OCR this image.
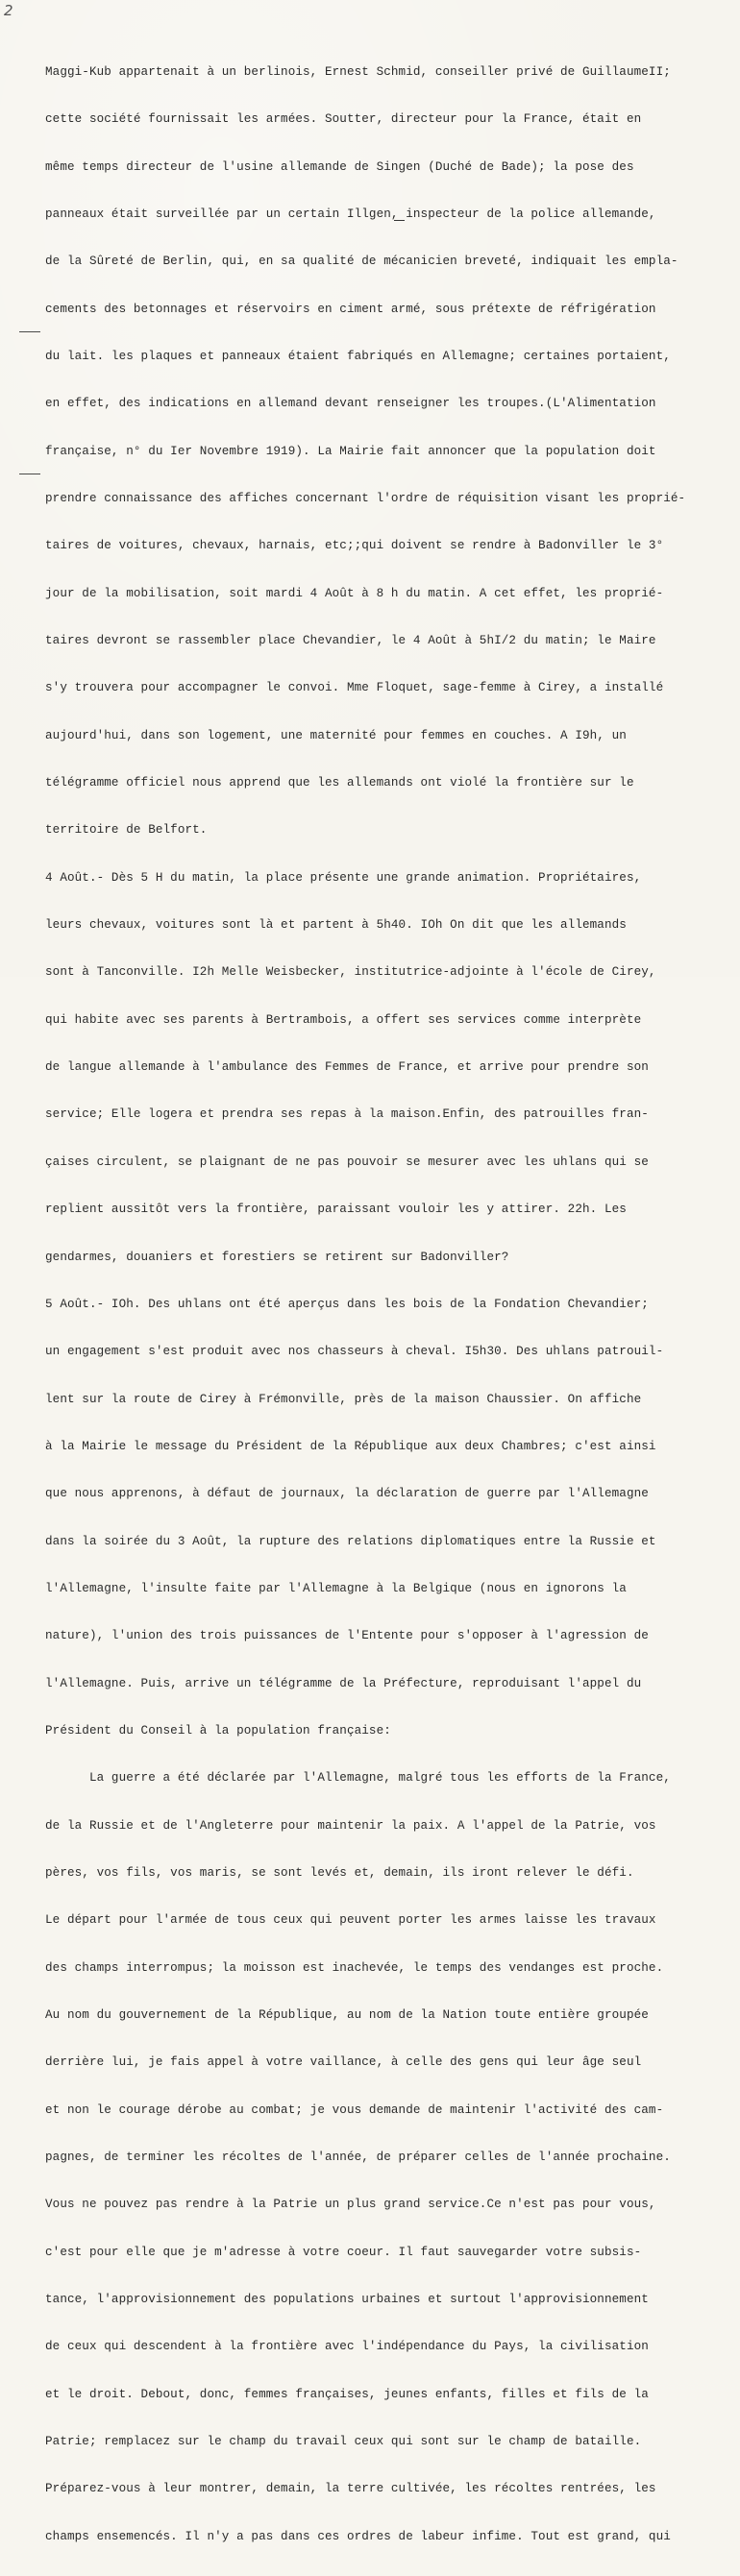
2

Maggi-Kub appartenait à un berlinois, Ernest Schmid, conseiller privé de GuillaumeII;

cette société fournissait les armées. Soutter, directeur pour la France, était en

même temps directeur de l'usine allemande de Singen (Duché de Bade); la pose des

panneaux était surveillée par un certain Illgen, inspecteur de la police allemande,

de la Sûreté de Berlin, qui, en sa qualité de mécanicien breveté, indiquait les empla-

cements des betonnages et réservoirs en ciment armé, sous prétexte de réfrigération

du lait. les plaques et panneaux étaient fabriqués en Allemagne; certaines portaient,

en effet, des indications en allemand devant renseigner les troupes.(L'Alimentation

française, n° du Ier Novembre 1919). La Mairie fait annoncer que la population doit

prendre connaissance des affiches concernant l'ordre de réquisition visant les proprié-

taires de voitures, chevaux, harnais, etc;;qui doivent se rendre à Badonviller le 3°

jour de la mobilisation, soit mardi 4 Août à 8 h du matin. A cet effet, les proprié-

taires devront se rassembler place Chevandier, le 4 Août à 5hI/2 du matin; le Maire

s'y trouvera pour accompagner le convoi. Mme Floquet, sage-femme à Cirey, a installé

aujourd'hui, dans son logement, une maternité pour femmes en couches. A I9h, un

télégramme officiel nous apprend que les allemands ont violé la frontière sur le

territoire de Belfort.

4 Août.- Dès 5 H du matin, la place présente une grande animation. Propriétaires,

leurs chevaux, voitures sont là et partent à 5h40. IOh On dit que les allemands

sont à Tanconville. I2h Melle Weisbecker, institutrice-adjointe à l'école de Cirey,

qui habite avec ses parents à Bertrambois, a offert ses services comme interprète

de langue allemande à l'ambulance des Femmes de France, et arrive pour prendre son

service; Elle logera et prendra ses repas à la maison.Enfin, des patrouilles fran-

çaises circulent, se plaignant de ne pas pouvoir se mesurer avec les uhlans qui se

replient aussitôt vers la frontière, paraissant vouloir les y attirer. 22h. Les

gendarmes, douaniers et forestiers se retirent sur Badonviller?

5 Août.- IOh. Des uhlans ont été aperçus dans les bois de la Fondation Chevandier;

un engagement s'est produit avec nos chasseurs à cheval. I5h30. Des uhlans patrouil-

lent sur la route de Cirey à Frémonville, près de la maison Chaussier. On affiche

à la Mairie le message du Président de la République aux deux Chambres; c'est ainsi

que nous apprenons, à défaut de journaux, la déclaration de guerre par l'Allemagne

dans la soirée du 3 Août, la rupture des relations diplomatiques entre la Russie et

l'Allemagne, l'insulte faite par l'Allemagne à la Belgique (nous en ignorons la

nature), l'union des trois puissances de l'Entente pour s'opposer à l'agression de

l'Allemagne. Puis, arrive un télégramme de la Préfecture, reproduisant l'appel du

Président du Conseil à la population française:

La guerre a été déclarée par l'Allemagne, malgré tous les efforts de la France,

de la Russie et de l'Angleterre pour maintenir la paix. A l'appel de la Patrie, vos

pères, vos fils, vos maris, se sont levés et, demain, ils iront relever le défi.

Le départ pour l'armée de tous ceux qui peuvent porter les armes laisse les travaux

des champs interrompus; la moisson est inachevée, le temps des vendanges est proche.

Au nom du gouvernement de la République, au nom de la Nation toute entière groupée

derrière lui, je fais appel à votre vaillance, à celle des gens qui leur âge seul

et non le courage dérobe au combat; je vous demande de maintenir l'activité des cam-

pagnes, de terminer les récoltes de l'année, de préparer celles de l'année prochaine.

Vous ne pouvez pas rendre à la Patrie un plus grand service.Ce n'est pas pour vous,

c'est pour elle que je m'adresse à votre coeur. Il faut sauvegarder votre subsis-

tance, l'approvisionnement des populations urbaines et surtout l'approvisionnement

de ceux qui descendent à la frontière avec l'indépendance du Pays, la civilisation

et le droit. Debout, donc, femmes françaises, jeunes enfants, filles et fils de la

Patrie; remplacez sur le champ du travail ceux qui sont sur le champ de bataille.

Préparez-vous à leur montrer, demain, la terre cultivée, les récoltes rentrées, les

champs ensemencés. Il n'y a pas dans ces ordres de labeur infime. Tout est grand, qui
